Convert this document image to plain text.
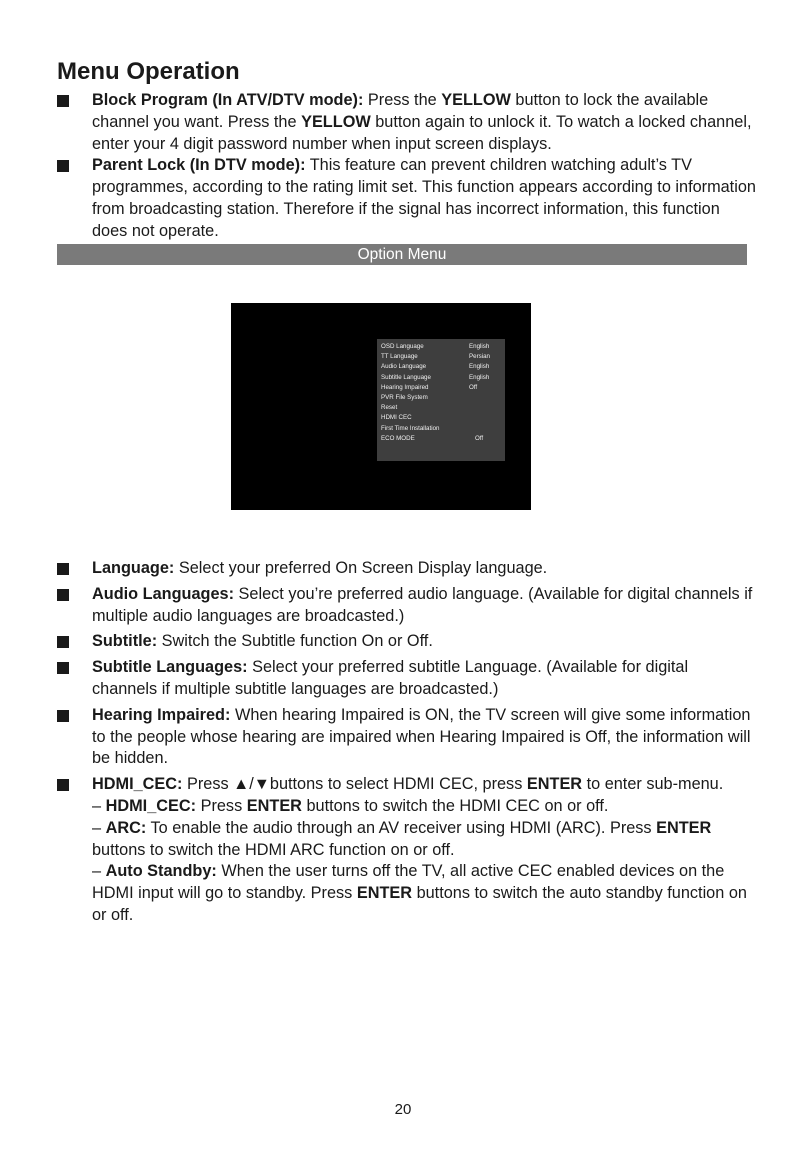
Menu Operation
Block Program (In ATV/DTV mode): Press the YELLOW button to lock the available channel you want. Press the YELLOW button again to unlock it. To watch a locked channel, enter your 4 digit password number when input screen displays.
Parent Lock (In DTV mode): This feature can prevent children watching adult’s TV programmes, according to the rating limit set. This function appears according to information from broadcasting station. Therefore if the signal has incorrect information, this function does not operate.
Option Menu
OSD Language	English
TT Language	Persian
Audio Language	English
Subtitle Language	English
Hearing Impaired	Off
PVR File System
Reset
HDMI CEC
First Time Installation
ECO MODE	Off
Language: Select your preferred On Screen Display language.
Audio Languages: Select you’re preferred audio language. (Available for digital channels if multiple audio languages are broadcasted.)
Subtitle: Switch the Subtitle function On or Off.
Subtitle Languages: Select your preferred subtitle Language. (Available for digital channels if multiple subtitle languages are broadcasted.)
Hearing Impaired: When hearing Impaired is ON, the TV screen will give some information to the people whose hearing are impaired when Hearing Impaired is Off, the information will be hidden.
HDMI_CEC: Press ▲/▼buttons to select HDMI CEC, press ENTER to enter sub-menu.
– HDMI_CEC: Press ENTER buttons to switch the HDMI CEC on or off.
– ARC: To enable the audio through an AV receiver using HDMI (ARC). Press ENTER buttons to switch the HDMI ARC function on or off.
– Auto Standby: When the user turns off the TV, all active CEC enabled devices on the HDMI input will go to standby. Press ENTER buttons to switch the auto standby function on or off.
20
